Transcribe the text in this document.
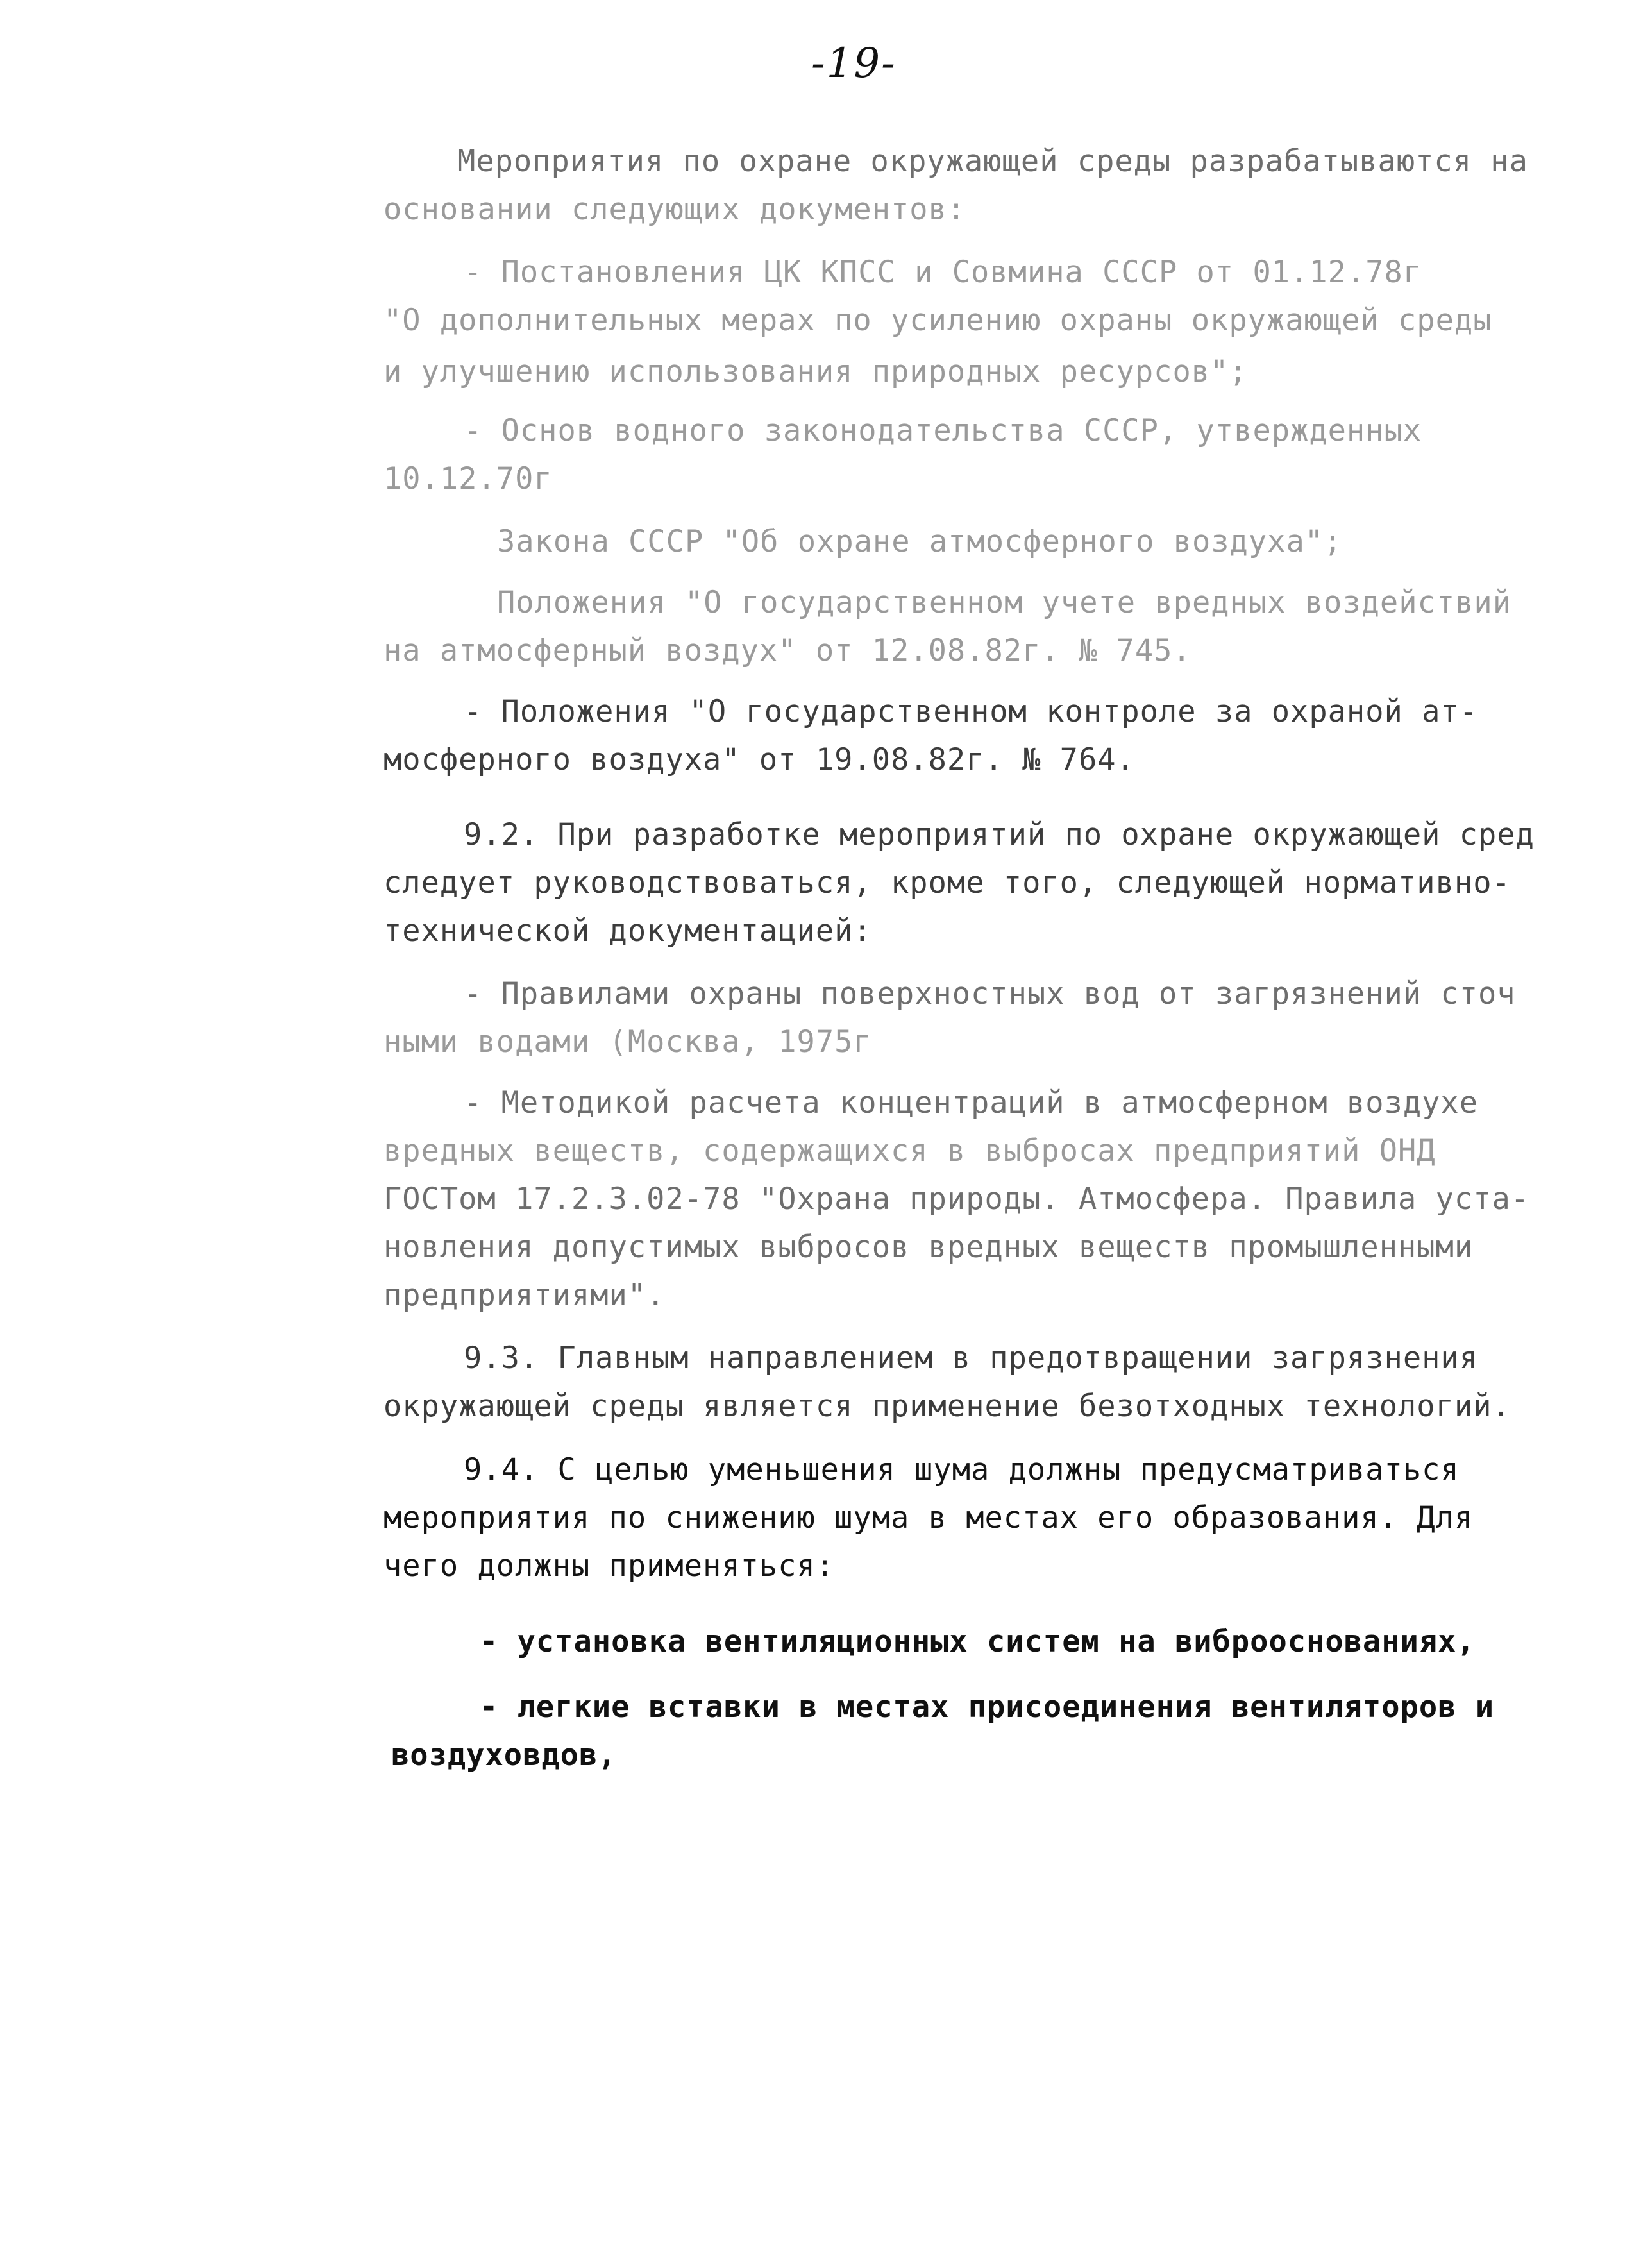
-19-
Мероприятия по охране окружающей среды разрабатываются на
основании следующих документов:
- Постановления ЦК КПСС и Совмина СССР от 01.12.78г
"О дополнительных мерах по усилению охраны окружающей среды
и улучшению использования природных ресурсов";
- Основ водного законодательства СССР, утвержденных
10.12.70г
Закона СССР "Об охране атмосферного воздуха";
Положения "О государственном учете вредных воздействий
на атмосферный воздух" от 12.08.82г. № 745.
- Положения "О государственном контроле за охраной ат-
мосферного воздуха" от 19.08.82г. № 764.
9.2. При разработке мероприятий по охране окружающей сред
следует руководствоваться, кроме того, следующей нормативно-
технической документацией:
- Правилами охраны поверхностных вод от загрязнений сточ
ными водами (Москва, 1975г
- Методикой расчета концентраций в атмосферном воздухе
вредных веществ, содержащихся в выбросах предприятий ОНД
ГОСТом 17.2.3.02-78 "Охрана природы. Атмосфера. Правила уста-
новления допустимых выбросов вредных веществ промышленными
предприятиями".
9.3. Главным направлением в предотвращении загрязнения
окружающей среды является применение безотходных технологий.
9.4. С целью уменьшения шума должны предусматриваться
мероприятия по снижению шума в местах его образования. Для
чего должны применяться:
- установка вентиляционных систем на виброоснованиях,
- легкие вставки в местах присоединения вентиляторов и
воздуховдов,
